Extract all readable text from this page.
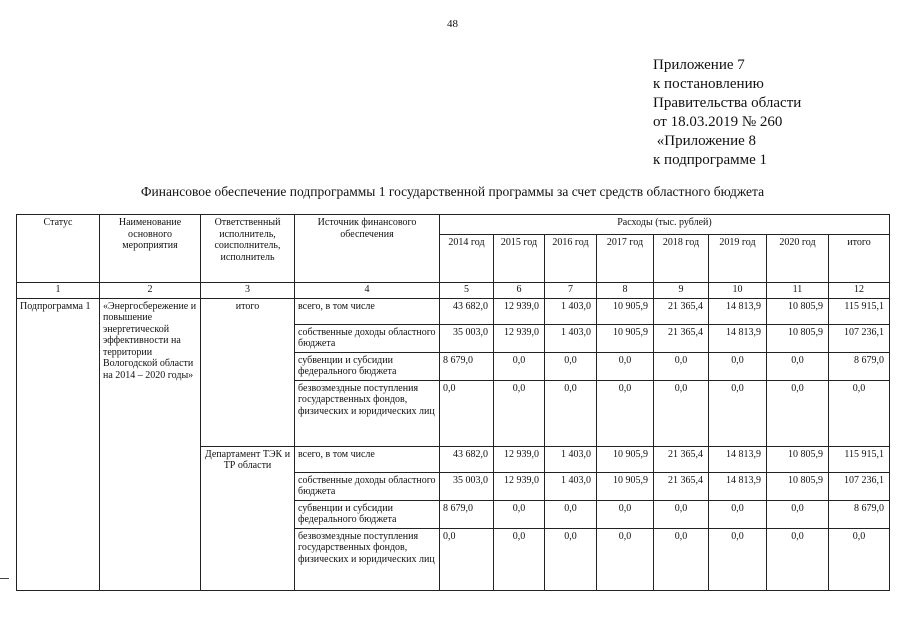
48
Приложение 7
к постановлению
Правительства области
от 18.03.2019 № 260
«Приложение 8
к подпрограмме 1
Финансовое обеспечение подпрограммы 1 государственной программы за счет средств областного бюджета
Статус	Наименование основного мероприятия	Ответственный исполнитель, соисполнитель, исполнитель	Источник финансового обеспечения	Расходы (тыс. рублей)							
				2014 год	2015 год	2016 год	2017 год	2018 год	2019 год	2020 год	итого
1	2	3	4	5	6	7	8	9	10	11	12
Подпрограмма 1	«Энергосбережение и повышение энергетической эффективности на территории Вологодской области на 2014 – 2020 годы»	итого	всего, в том числе	43 682,0	12 939,0	1 403,0	10 905,9	21 365,4	14 813,9	10 805,9	115 915,1
			собственные доходы областного бюджета	35 003,0	12 939,0	1 403,0	10 905,9	21 365,4	14 813,9	10 805,9	107 236,1
			субвенции и субсидии федерального бюджета	8 679,0	0,0	0,0	0,0	0,0	0,0	0,0	8 679,0
			безвозмездные поступления государственных фондов, физических и юридических лиц	0,0	0,0	0,0	0,0	0,0	0,0	0,0	0,0
		Департамент ТЭК и ТР области	всего, в том числе	43 682,0	12 939,0	1 403,0	10 905,9	21 365,4	14 813,9	10 805,9	115 915,1
			собственные доходы областного бюджета	35 003,0	12 939,0	1 403,0	10 905,9	21 365,4	14 813,9	10 805,9	107 236,1
			субвенции и субсидии федерального бюджета	8 679,0	0,0	0,0	0,0	0,0	0,0	0,0	8 679,0
			безвозмездные поступления государственных фондов, физических и юридических лиц	0,0	0,0	0,0	0,0	0,0	0,0	0,0	0,0
